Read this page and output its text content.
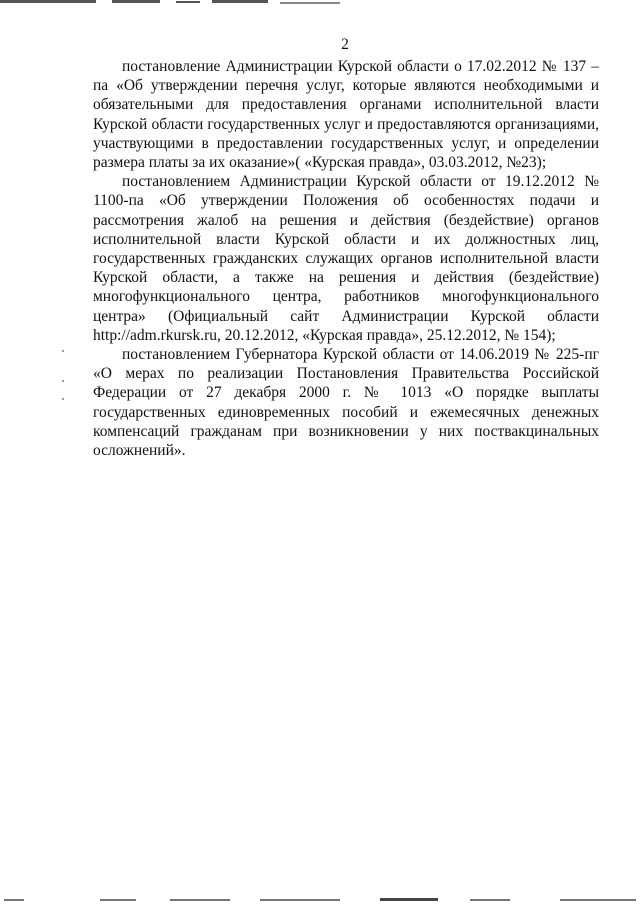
2

постановление Администрации Курской области о 17.02.2012 № 137 – па «Об утверждении перечня услуг, которые являются необходимыми и обязательными для предоставления органами исполнительной власти Курской области государственных услуг и предоставляются организациями, участвующими в предоставлении государственных услуг, и определении размера платы за их оказание»( «Курская правда», 03.03.2012, №23);

постановлением Администрации Курской области от 19.12.2012 № 1100-па «Об утверждении Положения об особенностях подачи и рассмотрения жалоб на решения и действия (бездействие) органов исполнительной власти Курской области и их должностных лиц, государственных гражданских служащих органов исполнительной власти Курской области, а также на решения и действия (бездействие) многофункционального центра, работников многофункционального центра» (Официальный сайт Администрации Курской области http://adm.rkursk.ru, 20.12.2012, «Курская правда», 25.12.2012, № 154);

постановлением Губернатора Курской области от 14.06.2019 № 225-пг «О мерах по реализации Постановления Правительства Российской Федерации от 27 декабря 2000 г. № 1013 «О порядке выплаты государственных единовременных пособий и ежемесячных денежных компенсаций гражданам при возникновении у них поствакцинальных осложнений».
